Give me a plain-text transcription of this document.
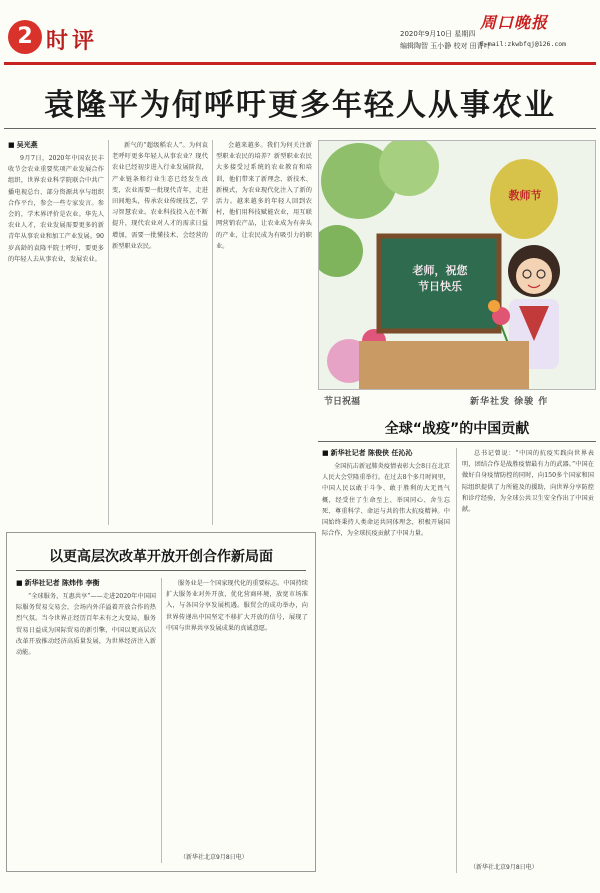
2 时评	2020年9月10日 星期四
编辑陶智 玉小静 校对 田青叶
周口晚报
E-mail:zkwbfqj@126.com
袁隆平为何呼吁更多年轻人从事农业
■ 吴光燕

9月7日，2020年中国农民丰收节会农业重要奖项产业发展合作组织，世界农业科学院联合中共广播电视总台、部分资源共享与组织合作平台，参会一些专家发言。参会的，学术界评价是农业。华先人农业人才，农业发展需要更多的新青年从事农业和加工产业发展。90岁高龄的袁隆平院士呼吁，要更多的年轻人去从事农业，发展农业。

新气的“超级稻农人”。为何袁老呼吁更多年轻人从事农业？现代农业已经初步进入行业发展阶段，产业链条和行业生态已经发生改变，农业需要一批现代青年，走进田间地头，传承农业传统技艺，学习智慧农业。农业科技投入在不断提升，现代农业对人才的需求日益增加，需要一批懂技术、会经营的新型职业农民。

会越来越多。我们为何关注新型职业农民的培养？新型职业农民大多接受过系统的农业教育和培训，他们带来了新理念、新技术、新模式，为农业现代化注入了新的活力。越来越多的年轻人回到农村，他们用科技赋能农业，用互联网营销农产品，让农业成为有奔头的产业，让农民成为有吸引力的职业。

教师节
老师，祝您
节日快乐
节日祝福	新华社发 徐骏 作
全球“战疫”的中国贡献
■ 新华社记者 陈俊侠 任沁沁

全国抗击新冠肺炎疫情表彰大会8日在北京人民大会堂隆重举行。在过去8个多月时间里，中国人民以敢于斗争、敢于胜利的大无畏气概，经受住了生命至上、举国同心、舍生忘死、尊重科学、命运与共的伟大抗疫精神。中国始终秉持人类命运共同体理念，积极开展国际合作，为全球抗疫贡献了中国力量。

总书记曾说：“中国的抗疫实践向世界表明，团结合作是战胜疫情最有力的武器。”中国在做好自身疫情防控的同时，向150多个国家和国际组织提供了力所能及的援助，向世界分享防控和诊疗经验，为全球公共卫生安全作出了中国贡献。

（新华社北京9月8日电）
以更高层次改革开放开创合作新局面
■ 新华社记者 陈炜伟 李衡

“全球服务，互惠共享”——走进2020年中国国际服务贸易交易会，会场内外洋溢着开放合作的热烈气氛。当今世界正经历百年未有之大变局，服务贸易日益成为国际贸易的新引擎，中国以更高层次改革开放推动经济高质量发展，为世界经济注入新动能。

服务业是一个国家现代化的重要标志。中国持续扩大服务业对外开放，优化营商环境，放宽市场准入，与各国分享发展机遇。服贸会的成功举办，向世界传递出中国坚定不移扩大开放的信号，展现了中国与世界共享发展成果的真诚意愿。

（新华社北京9月8日电）
